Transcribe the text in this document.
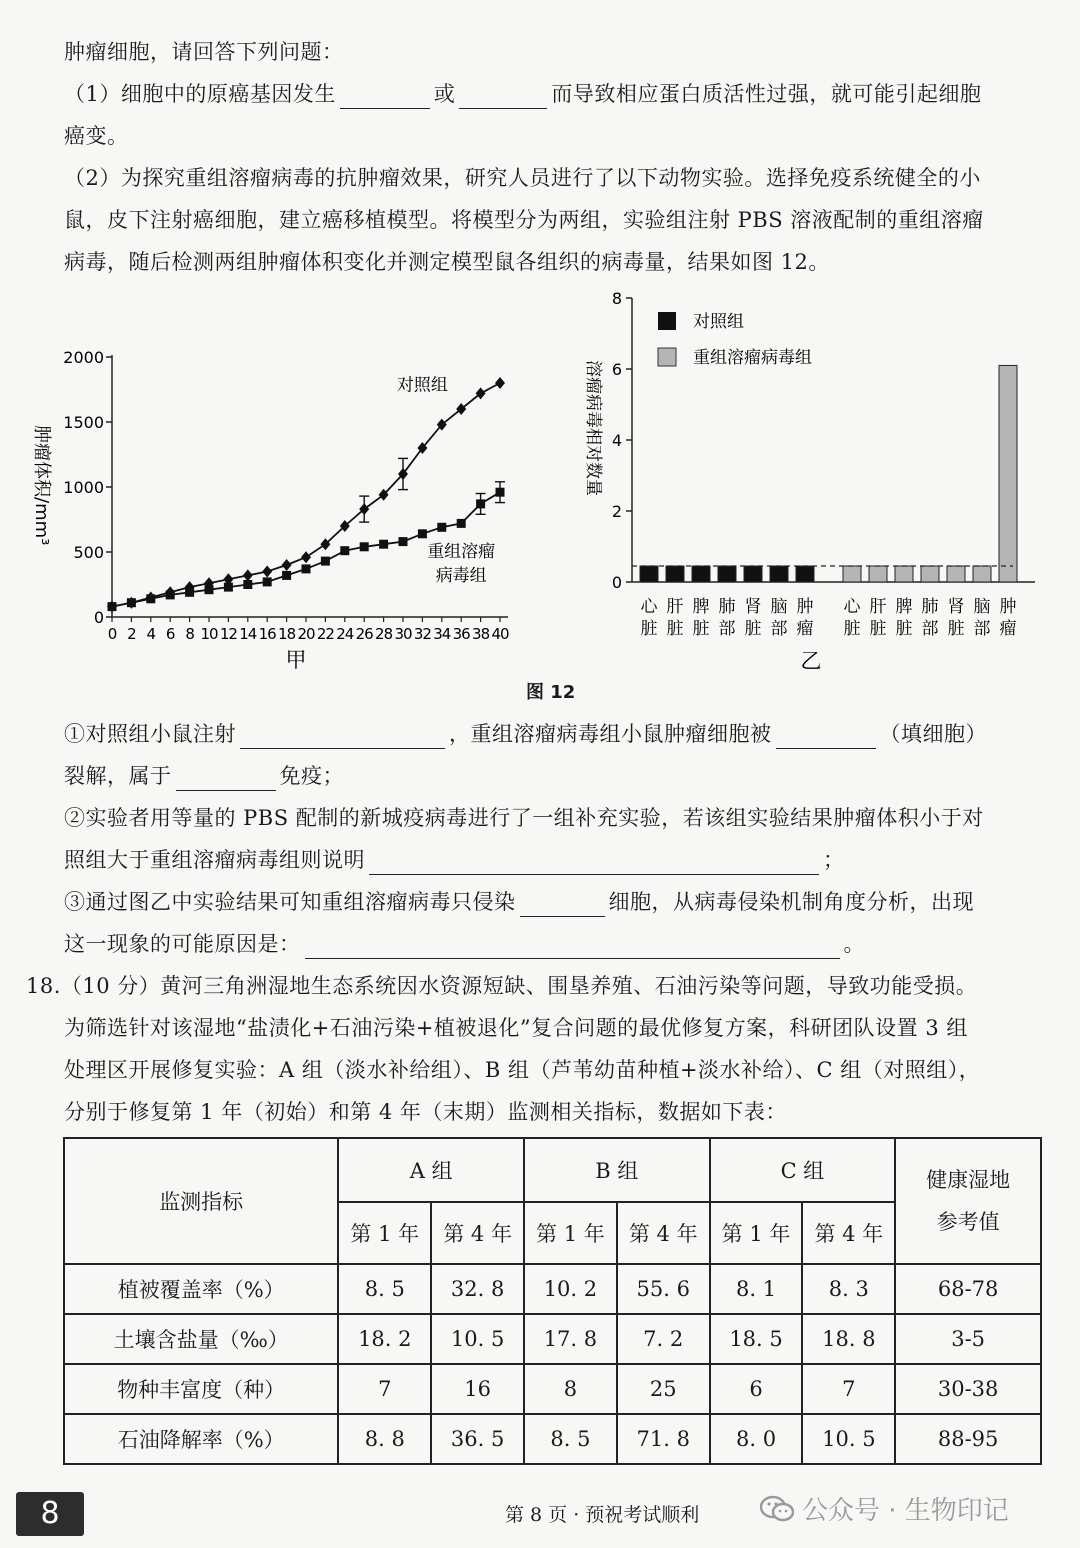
肿瘤细胞，请回答下列问题：
（1）细胞中的原癌基因发生	或	而导致相应蛋白质活性过强，就可能引起细胞
癌变。
（2）为探究重组溶瘤病毒的抗肿瘤效果，研究人员进行了以下动物实验。选择免疫系统健全的小
鼠，皮下注射癌细胞，建立癌移植模型。将模型分为两组，实验组注射 PBS 溶液配制的重组溶瘤
病毒，随后检测两组肿瘤体积变化并测定模型鼠各组织的病毒量，结果如图 12。
0
500
1000
1500
2000
0 2 4 6 8 10 12 14 16 18 20 22 24 26 28 30 32 34 36 38 40
肿瘤体积/mm³
对照组
重组溶瘤
病毒组
甲
0
2
4
6
8
溶瘤病毒相对数量
对照组
重组溶瘤病毒组
心
脏
肝
脏
脾
脏
肺
部
肾
脏
脑
部
肿
瘤
心
脏
肝
脏
脾
脏
肺
部
肾
脏
脑
部
肿
瘤
乙
图 12
①对照组小鼠注射	，重组溶瘤病毒组小鼠肿瘤细胞被	（填细胞）
裂解，属于	免疫；
②实验者用等量的 PBS 配制的新城疫病毒进行了一组补充实验，若该组实验结果肿瘤体积小于对
照组大于重组溶瘤病毒组则说明	；
③通过图乙中实验结果可知重组溶瘤病毒只侵染	细胞，从病毒侵染机制角度分析，出现
这一现象的可能原因是：	。
18.（10 分）黄河三角洲湿地生态系统因水资源短缺、围垦养殖、石油污染等问题，导致功能受损。
为筛选针对该湿地“盐渍化+石油污染+植被退化”复合问题的最优修复方案，科研团队设置 3 组
处理区开展修复实验：A 组（淡水补给组）、B 组（芦苇幼苗种植+淡水补给）、C 组（对照组），
分别于修复第 1 年（初始）和第 4 年（末期）监测相关指标，数据如下表：
监测指标	A 组		B 组		C 组		健康湿地
参考值

	第 1 年	第 4 年	第 1 年	第 4 年	第 1 年	第 4 年	
植被覆盖率（%）	8. 5	32. 8	10. 2	55. 6	8. 1	8. 3	68-78
土壤含盐量（‰）	18. 2	10. 5	17. 8	7. 2	18. 5	18. 8	3-5
物种丰富度（种）	7	16	8	25	6	7	30-38
石油降解率（%）	8. 8	36. 5	8. 5	71. 8	8. 0	10. 5	88-95
8	第 8 页 · 预祝考试顺利	公众号 · 生物印记
